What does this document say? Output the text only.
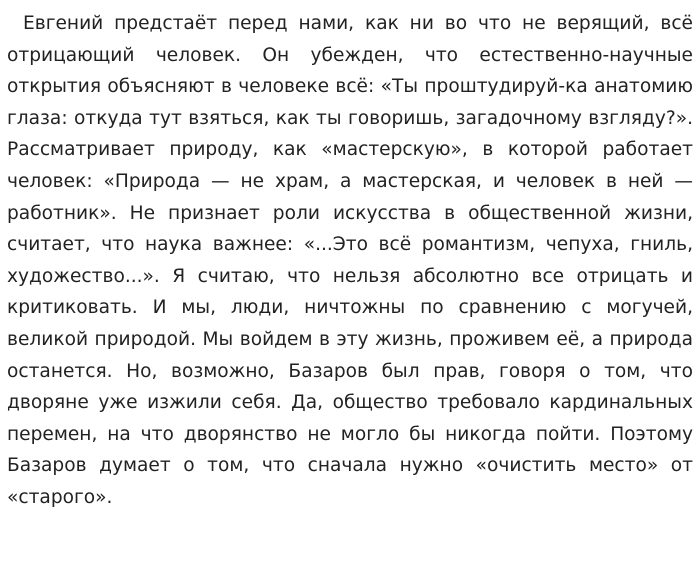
Евгений предстаёт перед нами, как ни во что не верящий, всё отрицающий человек. Он убежден, что естественно-научные открытия объясняют в человеке всё: «Ты проштудируй-ка анатомию глаза: откуда тут взяться, как ты говоришь, загадочному взгляду?». Рассматривает природу, как «мастерскую», в которой работает человек: «Природа — не храм, а мастерская, и человек в ней — работник». Не признает роли искусства в общественной жизни, считает, что наука важнее: «...Это всё романтизм, чепуха, гниль, художество...». Я считаю, что нельзя абсолютно все отрицать и критиковать. И мы, люди, ничтожны по сравнению с могучей, великой природой. Мы войдем в эту жизнь, проживем её, а природа останется. Но, возможно, Базаров был прав, говоря о том, что дворяне уже изжили себя. Да, общество требовало кардинальных перемен, на что дворянство не могло бы никогда пойти. Поэтому Базаров думает о том, что сначала нужно «очистить место» от «старого».
